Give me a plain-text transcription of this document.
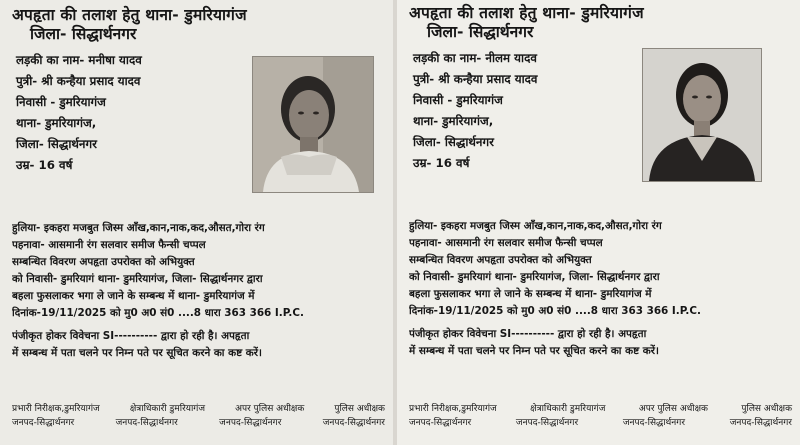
अपहृता की तलाश हेतु थाना- डुमरियागंज
जिला- सिद्धार्थनगर
लड़की का नाम- मनीषा यादव
पुत्री- श्री कन्हैया प्रसाद यादव
निवासी - डुमरियागंज
थाना- डुमरियागंज,
जिला- सिद्धार्थनगर
उम्र- 16 वर्ष
हुलिया- इकहरा मजबुत जिस्म आँख,कान,नाक,कद,औसत,गोरा रंग
पहनावा- आसमानी रंग सलवार समीज फैन्सी चप्पल
सम्बन्धित विवरण अपहृता उपरोक्त को अभियुक्त
को निवासी- डुमरियागं थाना- डुमरियागंज, जिला- सिद्धार्थनगर द्वारा
बहला फुसलाकर भगा ले जाने के सम्बन्ध में थाना- डुमरियागंज में
दिनांक-19/11/2025 को मु0 अ0 सं0 ....8 धारा 363 366 I.P.C.
पंजीकृत होकर विवेचना SI---------- द्वारा हो रही है। अपहृता
में सम्बन्ध में पता चलने पर निम्न पते पर सूचित करने का कष्ट करें।
प्रभारी निरीक्षक,डुमरियागंज	क्षेत्राधिकारी डुमरियागंज	अपर पुलिस अधीक्षक	पुलिस अधीक्षक
जनपद-सिद्धार्थनगर	जनपद-सिद्धार्थनगर	जनपद-सिद्धार्थनगर	जनपद-सिद्धार्थनगर
अपहृता की तलाश हेतु थाना- डुमरियागंज
जिला- सिद्धार्थनगर
लड़की का नाम- नीलम यादव
पुत्री- श्री कन्हैया प्रसाद यादव
निवासी - डुमरियागंज
थाना- डुमरियागंज,
जिला- सिद्धार्थनगर
उम्र- 16 वर्ष
हुलिया- इकहरा मजबुत जिस्म आँख,कान,नाक,कद,औसत,गोरा रंग
पहनावा- आसमानी रंग सलवार समीज फैन्सी चप्पल
सम्बन्धित विवरण अपहृता उपरोक्त को अभियुक्त
को निवासी- डुमरियागं थाना- डुमरियागंज, जिला- सिद्धार्थनगर द्वारा
बहला फुसलाकर भगा ले जाने के सम्बन्ध में थाना- डुमरियागंज में
दिनांक-19/11/2025 को मु0 अ0 सं0 ....8 धारा 363 366 I.P.C.
पंजीकृत होकर विवेचना SI---------- द्वारा हो रही है। अपहृता
में सम्बन्ध में पता चलने पर निम्न पते पर सूचित करने का कष्ट करें।
प्रभारी निरीक्षक,डुमरियागंज	क्षेत्राधिकारी डुमरियागंज	अपर पुलिस अधीक्षक	पुलिस अधीक्षक
जनपद-सिद्धार्थनगर	जनपद-सिद्धार्थनगर	जनपद-सिद्धार्थनगर	जनपद-सिद्धार्थनगर
